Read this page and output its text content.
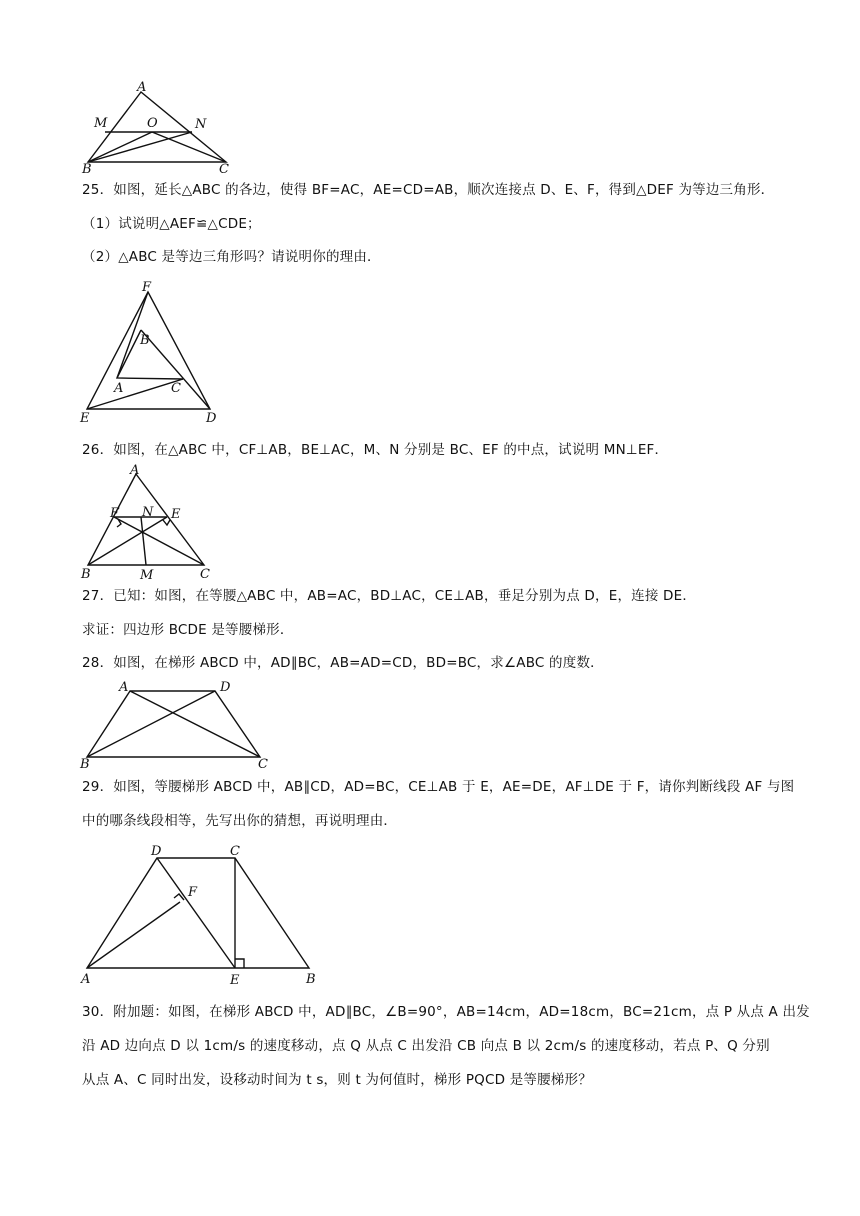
A
M	O	N
B	C
25．如图，延长△ABC 的各边，使得 BF=AC，AE=CD=AB，顺次连接点 D、E、F，得到△DEF 为等边三角形．
（1）试说明△AEF≌△CDE；
（2）△ABC 是等边三角形吗？请说明你的理由．
F
B
A	C
E	D
26．如图，在△ABC 中，CF⊥AB，BE⊥AC，M、N 分别是 BC、EF 的中点，试说明 MN⊥EF．
A
F N E
B	M	C
27．已知：如图，在等腰△ABC 中，AB=AC，BD⊥AC，CE⊥AB，垂足分别为点 D，E，连接 DE．
求证：四边形 BCDE 是等腰梯形．
28．如图，在梯形 ABCD 中，AD∥BC，AB=AD=CD，BD=BC，求∠ABC 的度数．
A	D
B	C
29．如图，等腰梯形 ABCD 中，AB∥CD，AD=BC，CE⊥AB 于 E，AE=DE，AF⊥DE 于 F，请你判断线段 AF 与图
中的哪条线段相等，先写出你的猜想，再说明理由．
D	C
F
A	E	B
30．附加题：如图，在梯形 ABCD 中，AD∥BC，∠B=90°，AB=14cm，AD=18cm，BC=21cm，点 P 从点 A 出发
沿 AD 边向点 D 以 1cm/s 的速度移动，点 Q 从点 C 出发沿 CB 向点 B 以 2cm/s 的速度移动，若点 P、Q 分别
从点 A、C 同时出发，设移动时间为 t s，则 t 为何值时，梯形 PQCD 是等腰梯形？
